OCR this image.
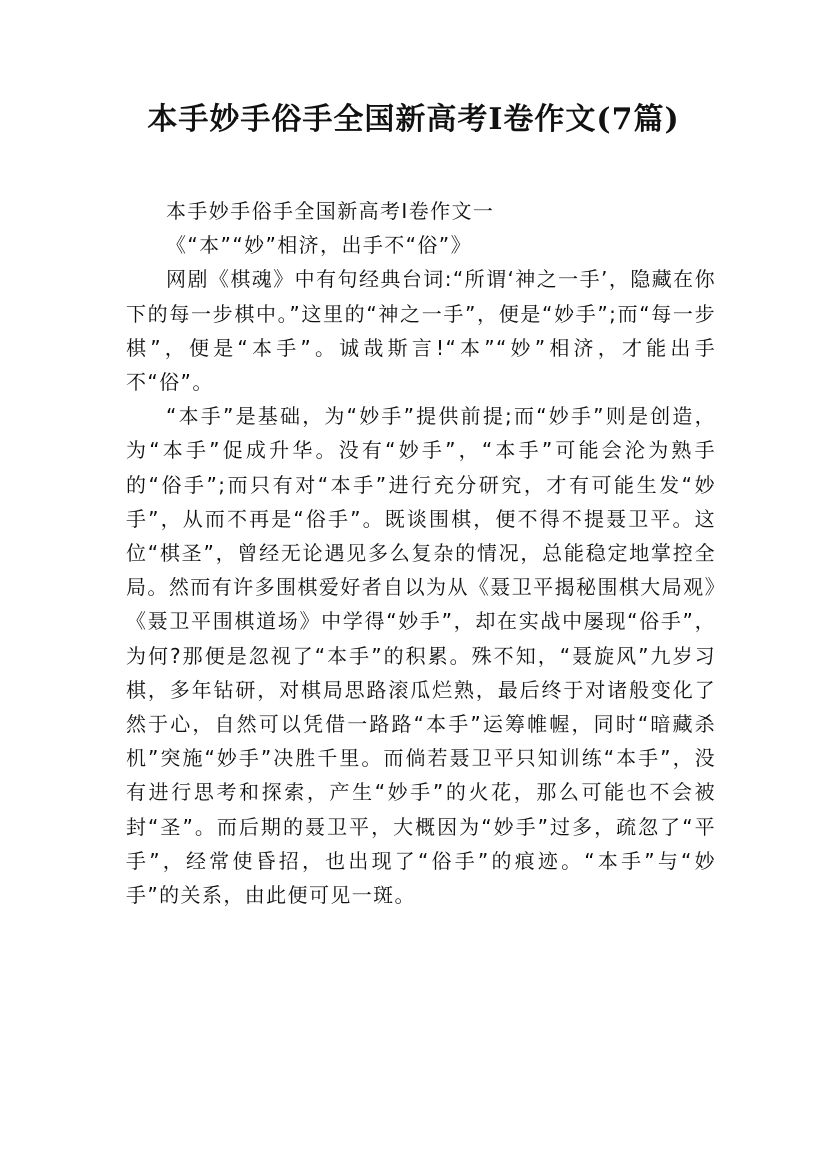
本手妙手俗手全国新高考Ⅰ卷作文(7篇)

本手妙手俗手全国新高考Ⅰ卷作文一

《“本”“妙”相济，出手不“俗”》

网剧《棋魂》中有句经典台词:“所谓‘神之一手’，隐藏在你下的每一步棋中。”这里的“神之一手”，便是“妙手”;而“每一步棋”，便是“本手”。诚哉斯言!“本”“妙”相济，才能出手不“俗”。

“本手”是基础，为“妙手”提供前提;而“妙手”则是创造，为“本手”促成升华。没有“妙手”，“本手”可能会沦为熟手的“俗手”;而只有对“本手”进行充分研究，才有可能生发“妙手”，从而不再是“俗手”。既谈围棋，便不得不提聂卫平。这位“棋圣”，曾经无论遇见多么复杂的情况，总能稳定地掌控全局。然而有许多围棋爱好者自以为从《聂卫平揭秘围棋大局观》《聂卫平围棋道场》中学得“妙手”，却在实战中屡现“俗手”，为何?那便是忽视了“本手”的积累。殊不知，“聂旋风”九岁习棋，多年钻研，对棋局思路滚瓜烂熟，最后终于对诸般变化了然于心，自然可以凭借一路路“本手”运筹帷幄，同时“暗藏杀机”突施“妙手”决胜千里。而倘若聂卫平只知训练“本手”，没有进行思考和探索，产生“妙手”的火花，那么可能也不会被封“圣”。而后期的聂卫平，大概因为“妙手”过多，疏忽了“平手”，经常使昏招，也出现了“俗手”的痕迹。“本手”与“妙手”的关系，由此便可见一斑。
